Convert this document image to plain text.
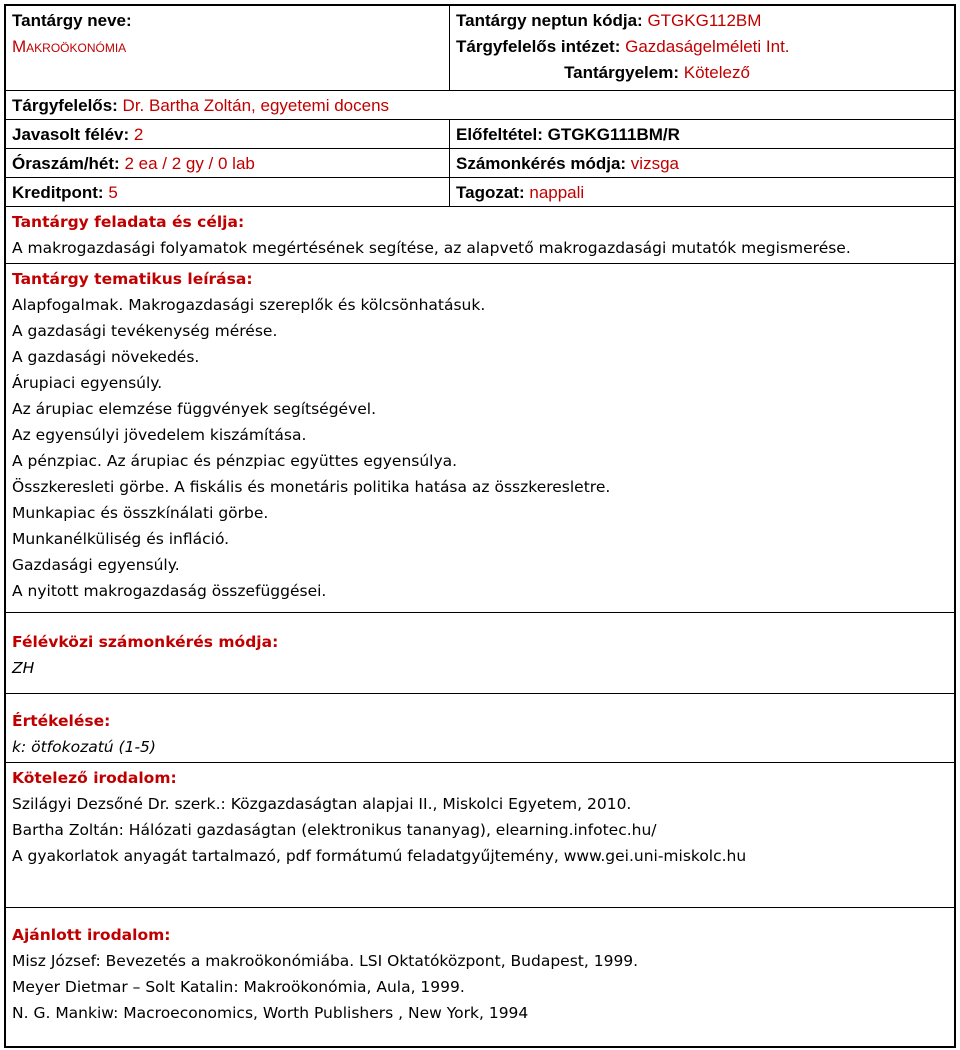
Tantárgy neve:
Makroökonómia
Tantárgy neptun kódja: GTGKG112BM
Tárgyfelelős intézet: Gazdaságelméleti Int.
Tantárgyelem: Kötelező
Tárgyfelelős: Dr. Bartha Zoltán, egyetemi docens
Javasolt félév: 2	Előfeltétel: GTGKG111BM/R
Óraszám/hét: 2 ea / 2 gy / 0 lab	Számonkérés módja: vizsga
Kreditpont: 5	Tagozat: nappali
Tantárgy feladata és célja:
A makrogazdasági folyamatok megértésének segítése, az alapvető makrogazdasági mutatók megismerése.
Tantárgy tematikus leírása:
Alapfogalmak. Makrogazdasági szereplők és kölcsönhatásuk.
A gazdasági tevékenység mérése.
A gazdasági növekedés.
Árupiaci egyensúly.
Az árupiac elemzése függvények segítségével.
Az egyensúlyi jövedelem kiszámítása.
A pénzpiac. Az árupiac és pénzpiac együttes egyensúlya.
Összkeresleti görbe. A fiskális és monetáris politika hatása az összkeresletre.
Munkapiac és összkínálati görbe.
Munkanélküliség és infláció.
Gazdasági egyensúly.
A nyitott makrogazdaság összefüggései.
Félévközi számonkérés módja:
ZH
Értékelése:
k: ötfokozatú (1-5)
Kötelező irodalom:
Szilágyi Dezsőné Dr. szerk.: Közgazdaságtan alapjai II., Miskolci Egyetem, 2010.
Bartha Zoltán: Hálózati gazdaságtan (elektronikus tananyag), elearning.infotec.hu/
A gyakorlatok anyagát tartalmazó, pdf formátumú feladatgyűjtemény, www.gei.uni-miskolc.hu
Ajánlott irodalom:
Misz József: Bevezetés a makroökonómiába. LSI Oktatóközpont, Budapest, 1999.
Meyer Dietmar – Solt Katalin: Makroökonómia, Aula, 1999.
N. G. Mankiw: Macroeconomics, Worth Publishers , New York, 1994
